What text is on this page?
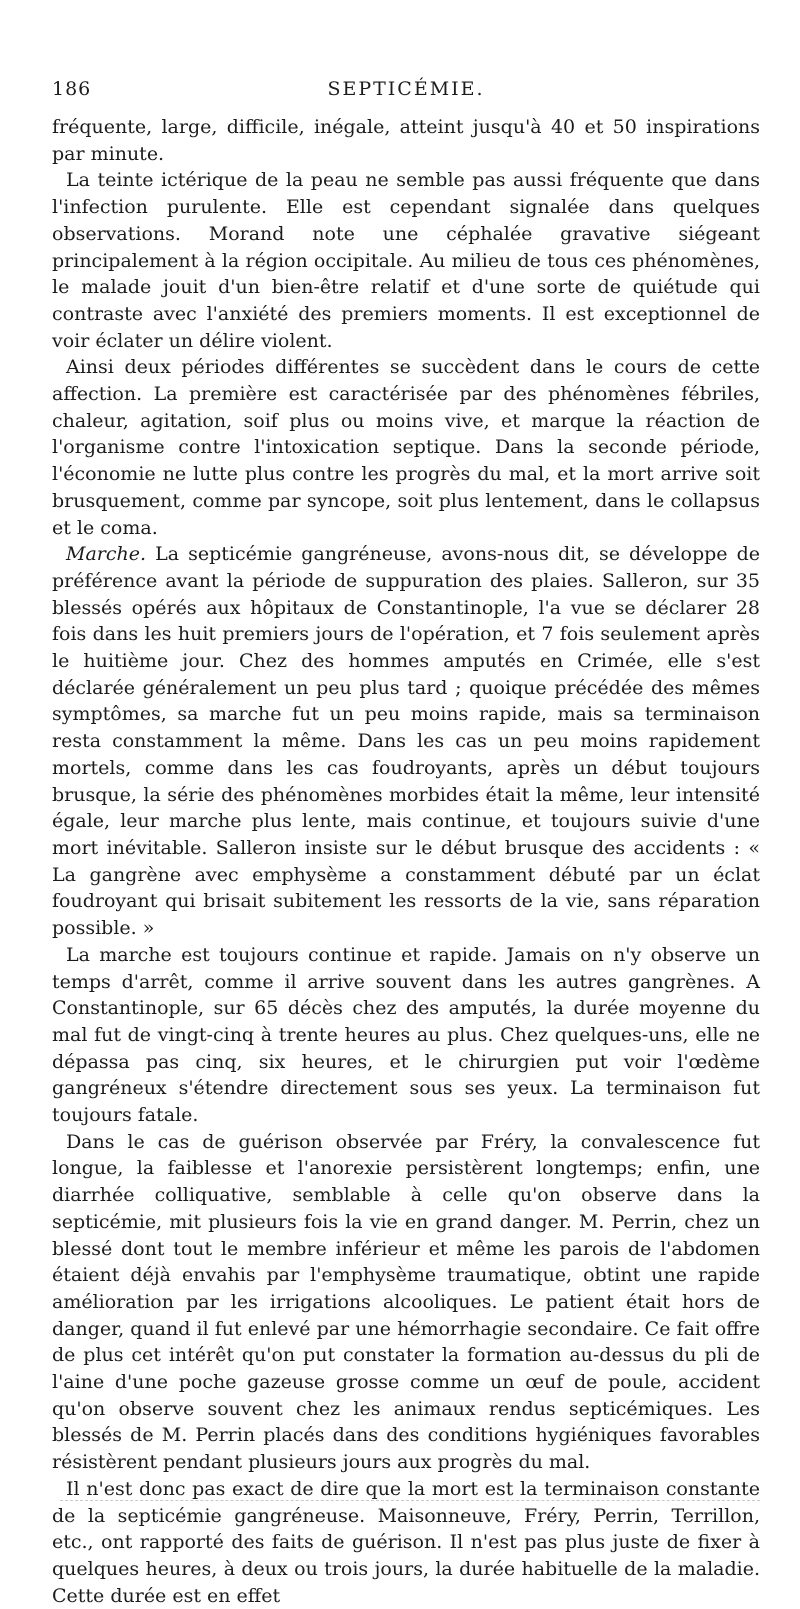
186	SEPTICÉMIE.

fréquente, large, difficile, inégale, atteint jusqu'à 40 et 50 inspirations par minute.

La teinte ictérique de la peau ne semble pas aussi fréquente que dans l'infection purulente. Elle est cependant signalée dans quelques observations. Morand note une céphalée gravative siégeant principalement à la région occipitale. Au milieu de tous ces phénomènes, le malade jouit d'un bien-être relatif et d'une sorte de quiétude qui contraste avec l'anxiété des premiers moments. Il est exceptionnel de voir éclater un délire violent.

Ainsi deux périodes différentes se succèdent dans le cours de cette affection. La première est caractérisée par des phénomènes fébriles, chaleur, agitation, soif plus ou moins vive, et marque la réaction de l'organisme contre l'intoxication septique. Dans la seconde période, l'économie ne lutte plus contre les progrès du mal, et la mort arrive soit brusquement, comme par syncope, soit plus lentement, dans le collapsus et le coma.

Marche. La septicémie gangréneuse, avons-nous dit, se développe de préférence avant la période de suppuration des plaies. Salleron, sur 35 blessés opérés aux hôpitaux de Constantinople, l'a vue se déclarer 28 fois dans les huit premiers jours de l'opération, et 7 fois seulement après le huitième jour. Chez des hommes amputés en Crimée, elle s'est déclarée généralement un peu plus tard ; quoique précédée des mêmes symptômes, sa marche fut un peu moins rapide, mais sa terminaison resta constamment la même. Dans les cas un peu moins rapidement mortels, comme dans les cas foudroyants, après un début toujours brusque, la série des phénomènes morbides était la même, leur intensité égale, leur marche plus lente, mais continue, et toujours suivie d'une mort inévitable. Salleron insiste sur le début brusque des accidents : « La gangrène avec emphysème a constamment débuté par un éclat foudroyant qui brisait subitement les ressorts de la vie, sans réparation possible. »

La marche est toujours continue et rapide. Jamais on n'y observe un temps d'arrêt, comme il arrive souvent dans les autres gangrènes. A Constantinople, sur 65 décès chez des amputés, la durée moyenne du mal fut de vingt-cinq à trente heures au plus. Chez quelques-uns, elle ne dépassa pas cinq, six heures, et le chirurgien put voir l'œdème gangréneux s'étendre directement sous ses yeux. La terminaison fut toujours fatale.

Dans le cas de guérison observée par Fréry, la convalescence fut longue, la faiblesse et l'anorexie persistèrent longtemps; enfin, une diarrhée colliquative, semblable à celle qu'on observe dans la septicémie, mit plusieurs fois la vie en grand danger. M. Perrin, chez un blessé dont tout le membre inférieur et même les parois de l'abdomen étaient déjà envahis par l'emphysème traumatique, obtint une rapide amélioration par les irrigations alcooliques. Le patient était hors de danger, quand il fut enlevé par une hémorrhagie secondaire. Ce fait offre de plus cet intérêt qu'on put constater la formation au-dessus du pli de l'aine d'une poche gazeuse grosse comme un œuf de poule, accident qu'on observe souvent chez les animaux rendus septicémiques. Les blessés de M. Perrin placés dans des conditions hygiéniques favorables résistèrent pendant plusieurs jours aux progrès du mal.

Il n'est donc pas exact de dire que la mort est la terminaison constante de la septicémie gangréneuse. Maisonneuve, Fréry, Perrin, Terrillon, etc., ont rapporté des faits de guérison. Il n'est pas plus juste de fixer à quelques heures, à deux ou trois jours, la durée habituelle de la maladie. Cette durée est en effet
